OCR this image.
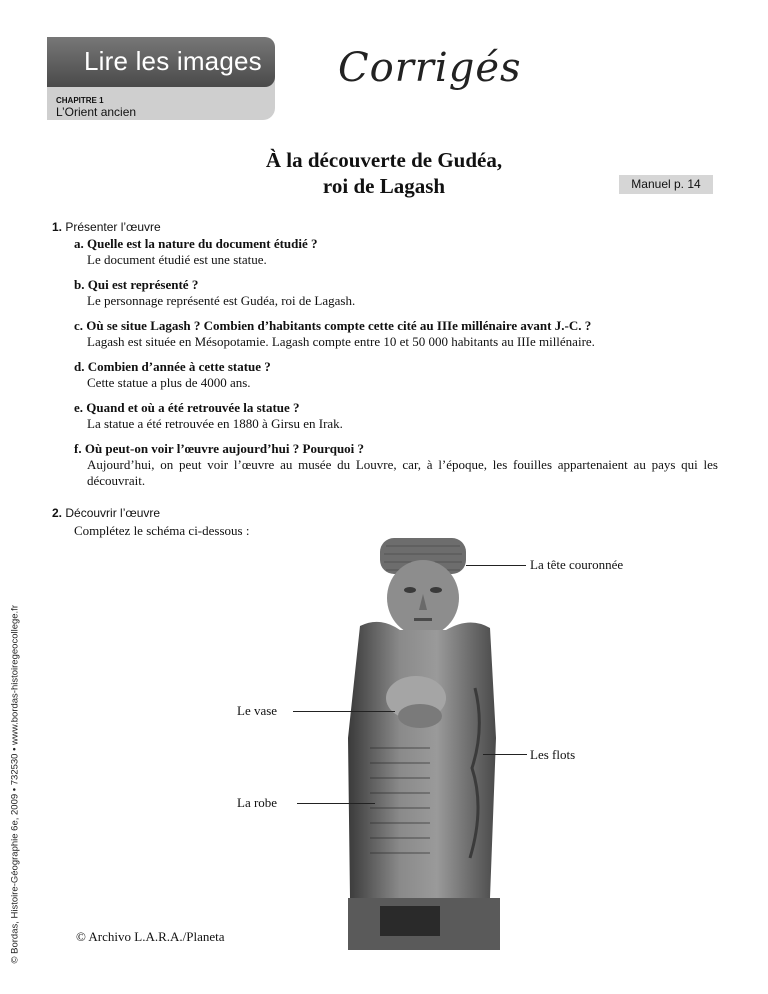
Lire les images
CHAPITRE 1
L’Orient ancien
Corrigés
À la découverte de Gudéa,
roi de Lagash	Manuel p. 14
1. Présenter l’œuvre
a. Quelle est la nature du document étudié ?
Le document étudié est une statue.
b. Qui est représenté ?
Le personnage représenté est Gudéa, roi de Lagash.
c. Où se situe Lagash ? Combien d’habitants compte cette cité au IIIe millénaire avant J.-C. ?
Lagash est située en Mésopotamie. Lagash compte entre 10 et 50 000 habitants au IIIe millénaire.
d. Combien d’année à cette statue ?
Cette statue a plus de 4000 ans.
e. Quand et où a été retrouvée la statue ?
La statue a été retrouvée en 1880 à Girsu en Irak.
f. Où peut-on voir l’œuvre aujourd’hui ? Pourquoi ?
Aujourd’hui, on peut voir l’œuvre au musée du Louvre, car, à l’époque, les fouilles appartenaient au pays qui les découvrait.
2. Découvrir l’œuvre
Complétez le schéma ci-dessous :
© Bordas, Histoire-Géographie 6e, 2009 • 732530 • www.bordas-histoiregeocollege.fr
La tête couronnée
Le vase
Les flots
La robe
© Archivo L.A.R.A./Planeta
